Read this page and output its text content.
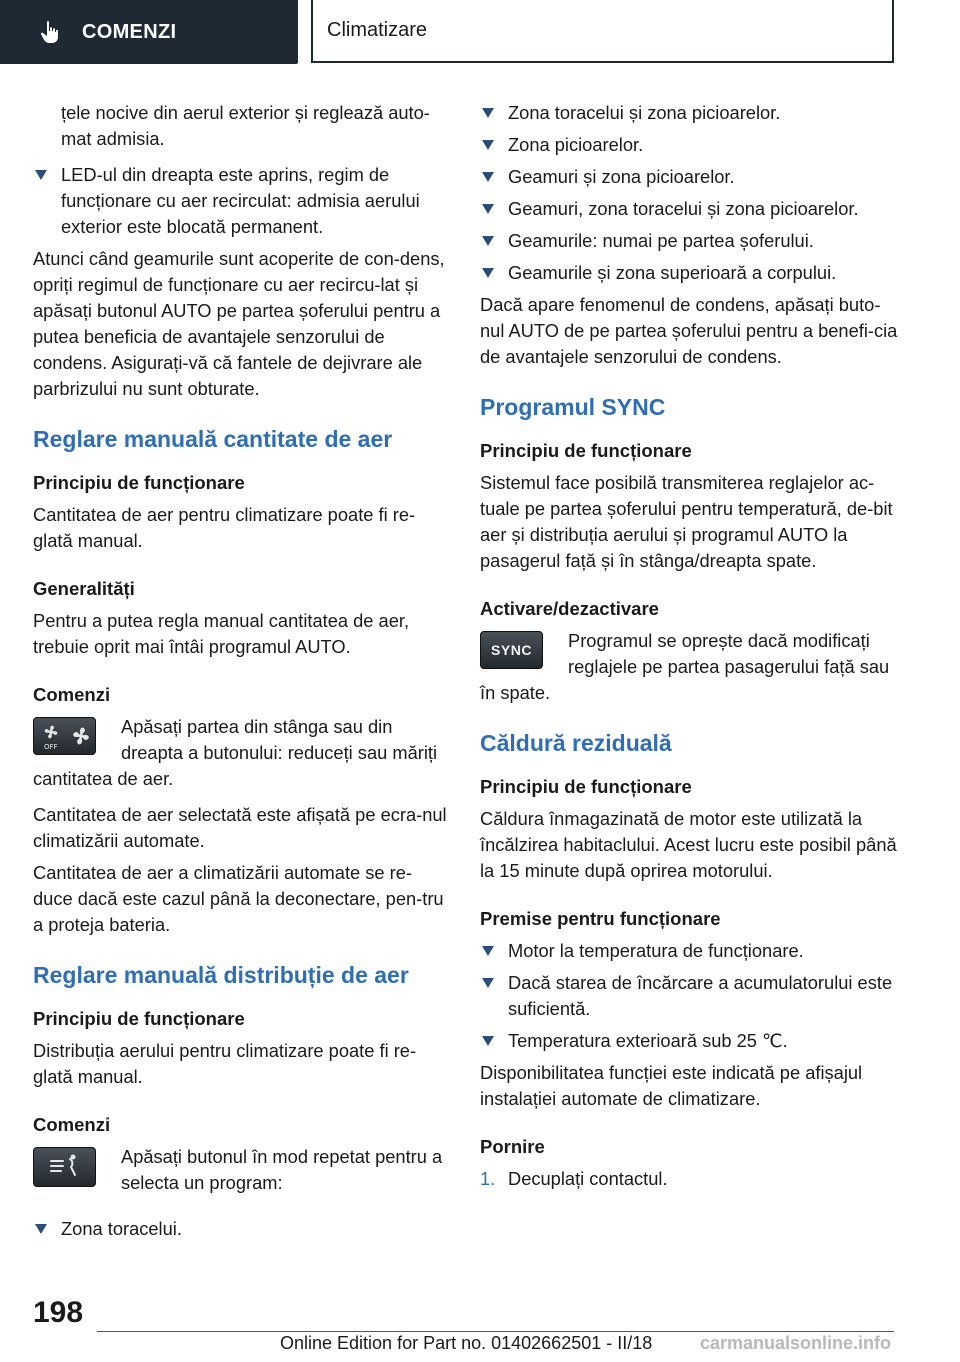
COMENZI	Climatizare

țele nocive din aerul exterior și reglează auto-
mat admisia.

LED-ul din dreapta este aprins, regim de funcționare cu aer recirculat: admisia aerului exterior este blocată permanent.

Atunci când geamurile sunt acoperite de con-dens, opriți regimul de funcționare cu aer recircu-lat și apăsați butonul AUTO pe partea șoferului pentru a putea beneficia de avantajele senzorului de condens. Asigurați-vă că fantele de dejivrare ale parbrizului nu sunt obturate.

Reglare manuală cantitate de aer
Principiu de funcționare

Cantitatea de aer pentru climatizare poate fi re-glată manual.

Generalități

Pentru a putea regla manual cantitatea de aer, trebuie oprit mai întâi programul AUTO.

Comenzi
OFF

Apăsați partea din stânga sau din dreapta a butonului: reduceți sau măriți

cantitatea de aer.

Cantitatea de aer selectată este afișată pe ecra-nul climatizării automate.

Cantitatea de aer a climatizării automate se re-duce dacă este cazul până la deconectare, pen-tru a proteja bateria.

Reglare manuală distribuție de aer
Principiu de funcționare

Distribuția aerului pentru climatizare poate fi re-glată manual.

Comenzi

Apăsați butonul în mod repetat pentru a selecta un program:

Zona toracelui.
Zona toracelui și zona picioarelor.
Zona picioarelor.
Geamuri și zona picioarelor.
Geamuri, zona toracelui și zona picioarelor.
Geamurile: numai pe partea șoferului.
Geamurile și zona superioară a corpului.

Dacă apare fenomenul de condens, apăsați buto-nul AUTO de pe partea șoferului pentru a benefi-cia de avantajele senzorului de condens.

Programul SYNC
Principiu de funcționare

Sistemul face posibilă transmiterea reglajelor ac-tuale pe partea șoferului pentru temperatură, de-bit aer și distribuția aerului și programul AUTO la pasagerul față și în stânga/dreapta spate.

Activare/dezactivare
SYNC Programul se oprește dacă modificați reglajele pe partea pasagerului față sau

în spate.

Căldură reziduală
Principiu de funcționare

Căldura înmagazinată de motor este utilizată la încălzirea habitaclului. Acest lucru este posibil până la 15 minute după oprirea motorului.

Premise pentru funcționare
Motor la temperatura de funcționare.
Dacă starea de încărcare a acumulatorului este suficientă.
Temperatura exterioară sub 25 ℃.

Disponibilitatea funcției este indicată pe afișajul instalației automate de climatizare.

Pornire
1. Decuplați contactul.
198
Online Edition for Part no. 01402662501 - II/18	carmanualsonline.info
